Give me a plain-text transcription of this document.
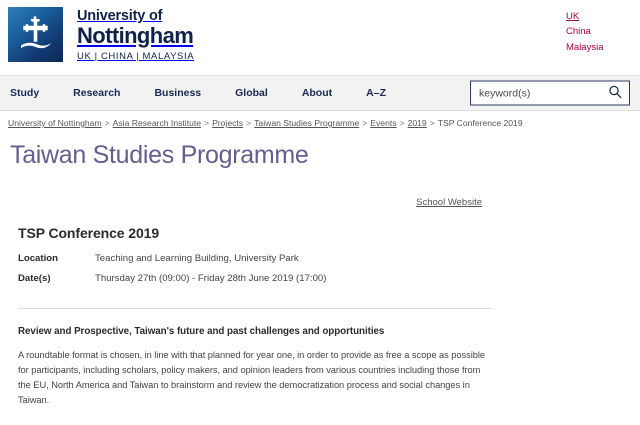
University of
Nottingham
UK | CHINA | MALAYSIA
UK
China
Malaysia
Study	Research	Business	Global	About	A–Z
keyword(s)
University of Nottingham > Asia Research Institute > Projects > Taiwan Studies Programme > Events > 2019 > TSP Conference 2019
Taiwan Studies Programme
School Website
TSP Conference 2019
Location	Teaching and Learning Building, University Park
Date(s)	Thursday 27th (09:00) - Friday 28th June 2019 (17:00)
Review and Prospective, Taiwan's future and past challenges and opportunities

A roundtable format is chosen, in line with that planned for year one, in order to provide as free a scope as possible for participants, including scholars, policy makers, and opinion leaders from various countries including those from the EU, North America and Taiwan to brainstorm and review the democratization process and social changes in Taiwan.
